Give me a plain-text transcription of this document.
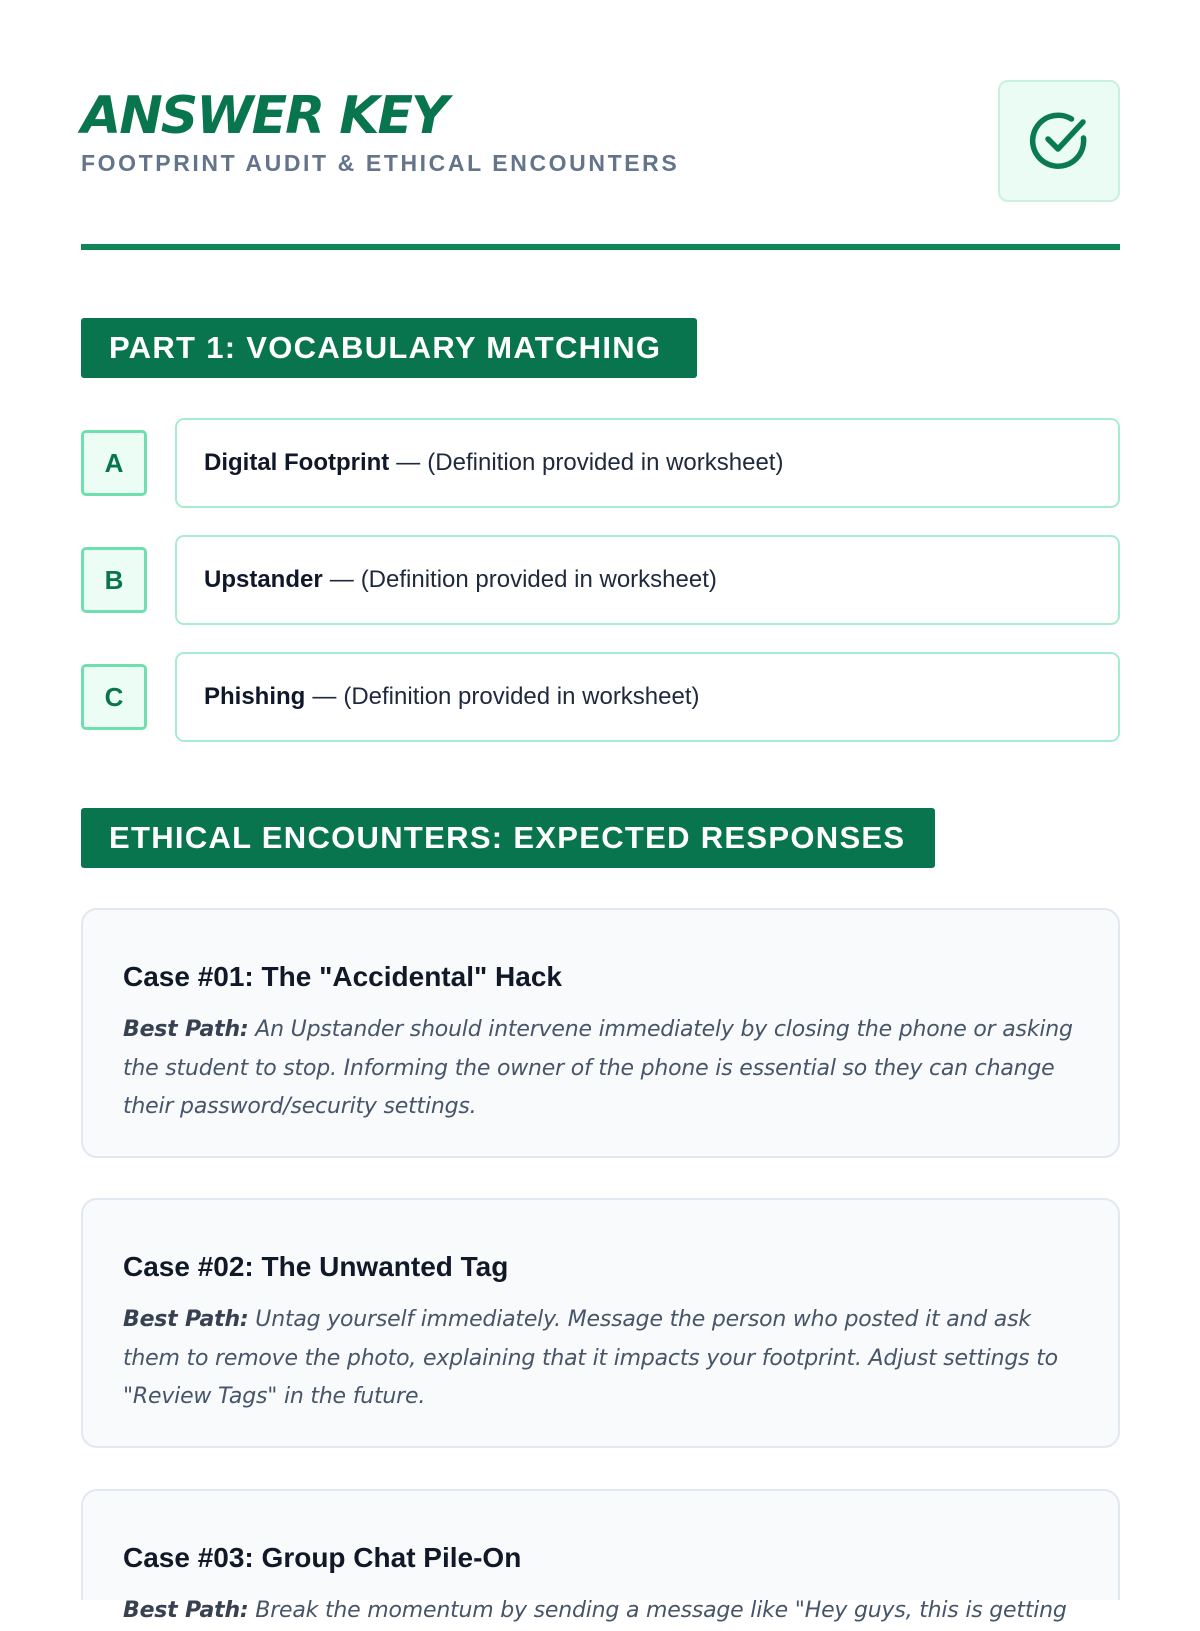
ANSWER KEY

FOOTPRINT AUDIT & ETHICAL ENCOUNTERS

PART 1: VOCABULARY MATCHING
A	Digital Footprint — (Definition provided in worksheet)
B	Upstander — (Definition provided in worksheet)
C	Phishing — (Definition provided in worksheet)
ETHICAL ENCOUNTERS: EXPECTED RESPONSES
Case #01: The "Accidental" Hack

Best Path: An Upstander should intervene immediately by closing the phone or asking the student to stop. Informing the owner of the phone is essential so they can change their password/security settings.

Case #02: The Unwanted Tag

Best Path: Untag yourself immediately. Message the person who posted it and ask them to remove the photo, explaining that it impacts your footprint. Adjust settings to "Review Tags" in the future.

Case #03: Group Chat Pile-On

Best Path: Break the momentum by sending a message like "Hey guys, this is getting
